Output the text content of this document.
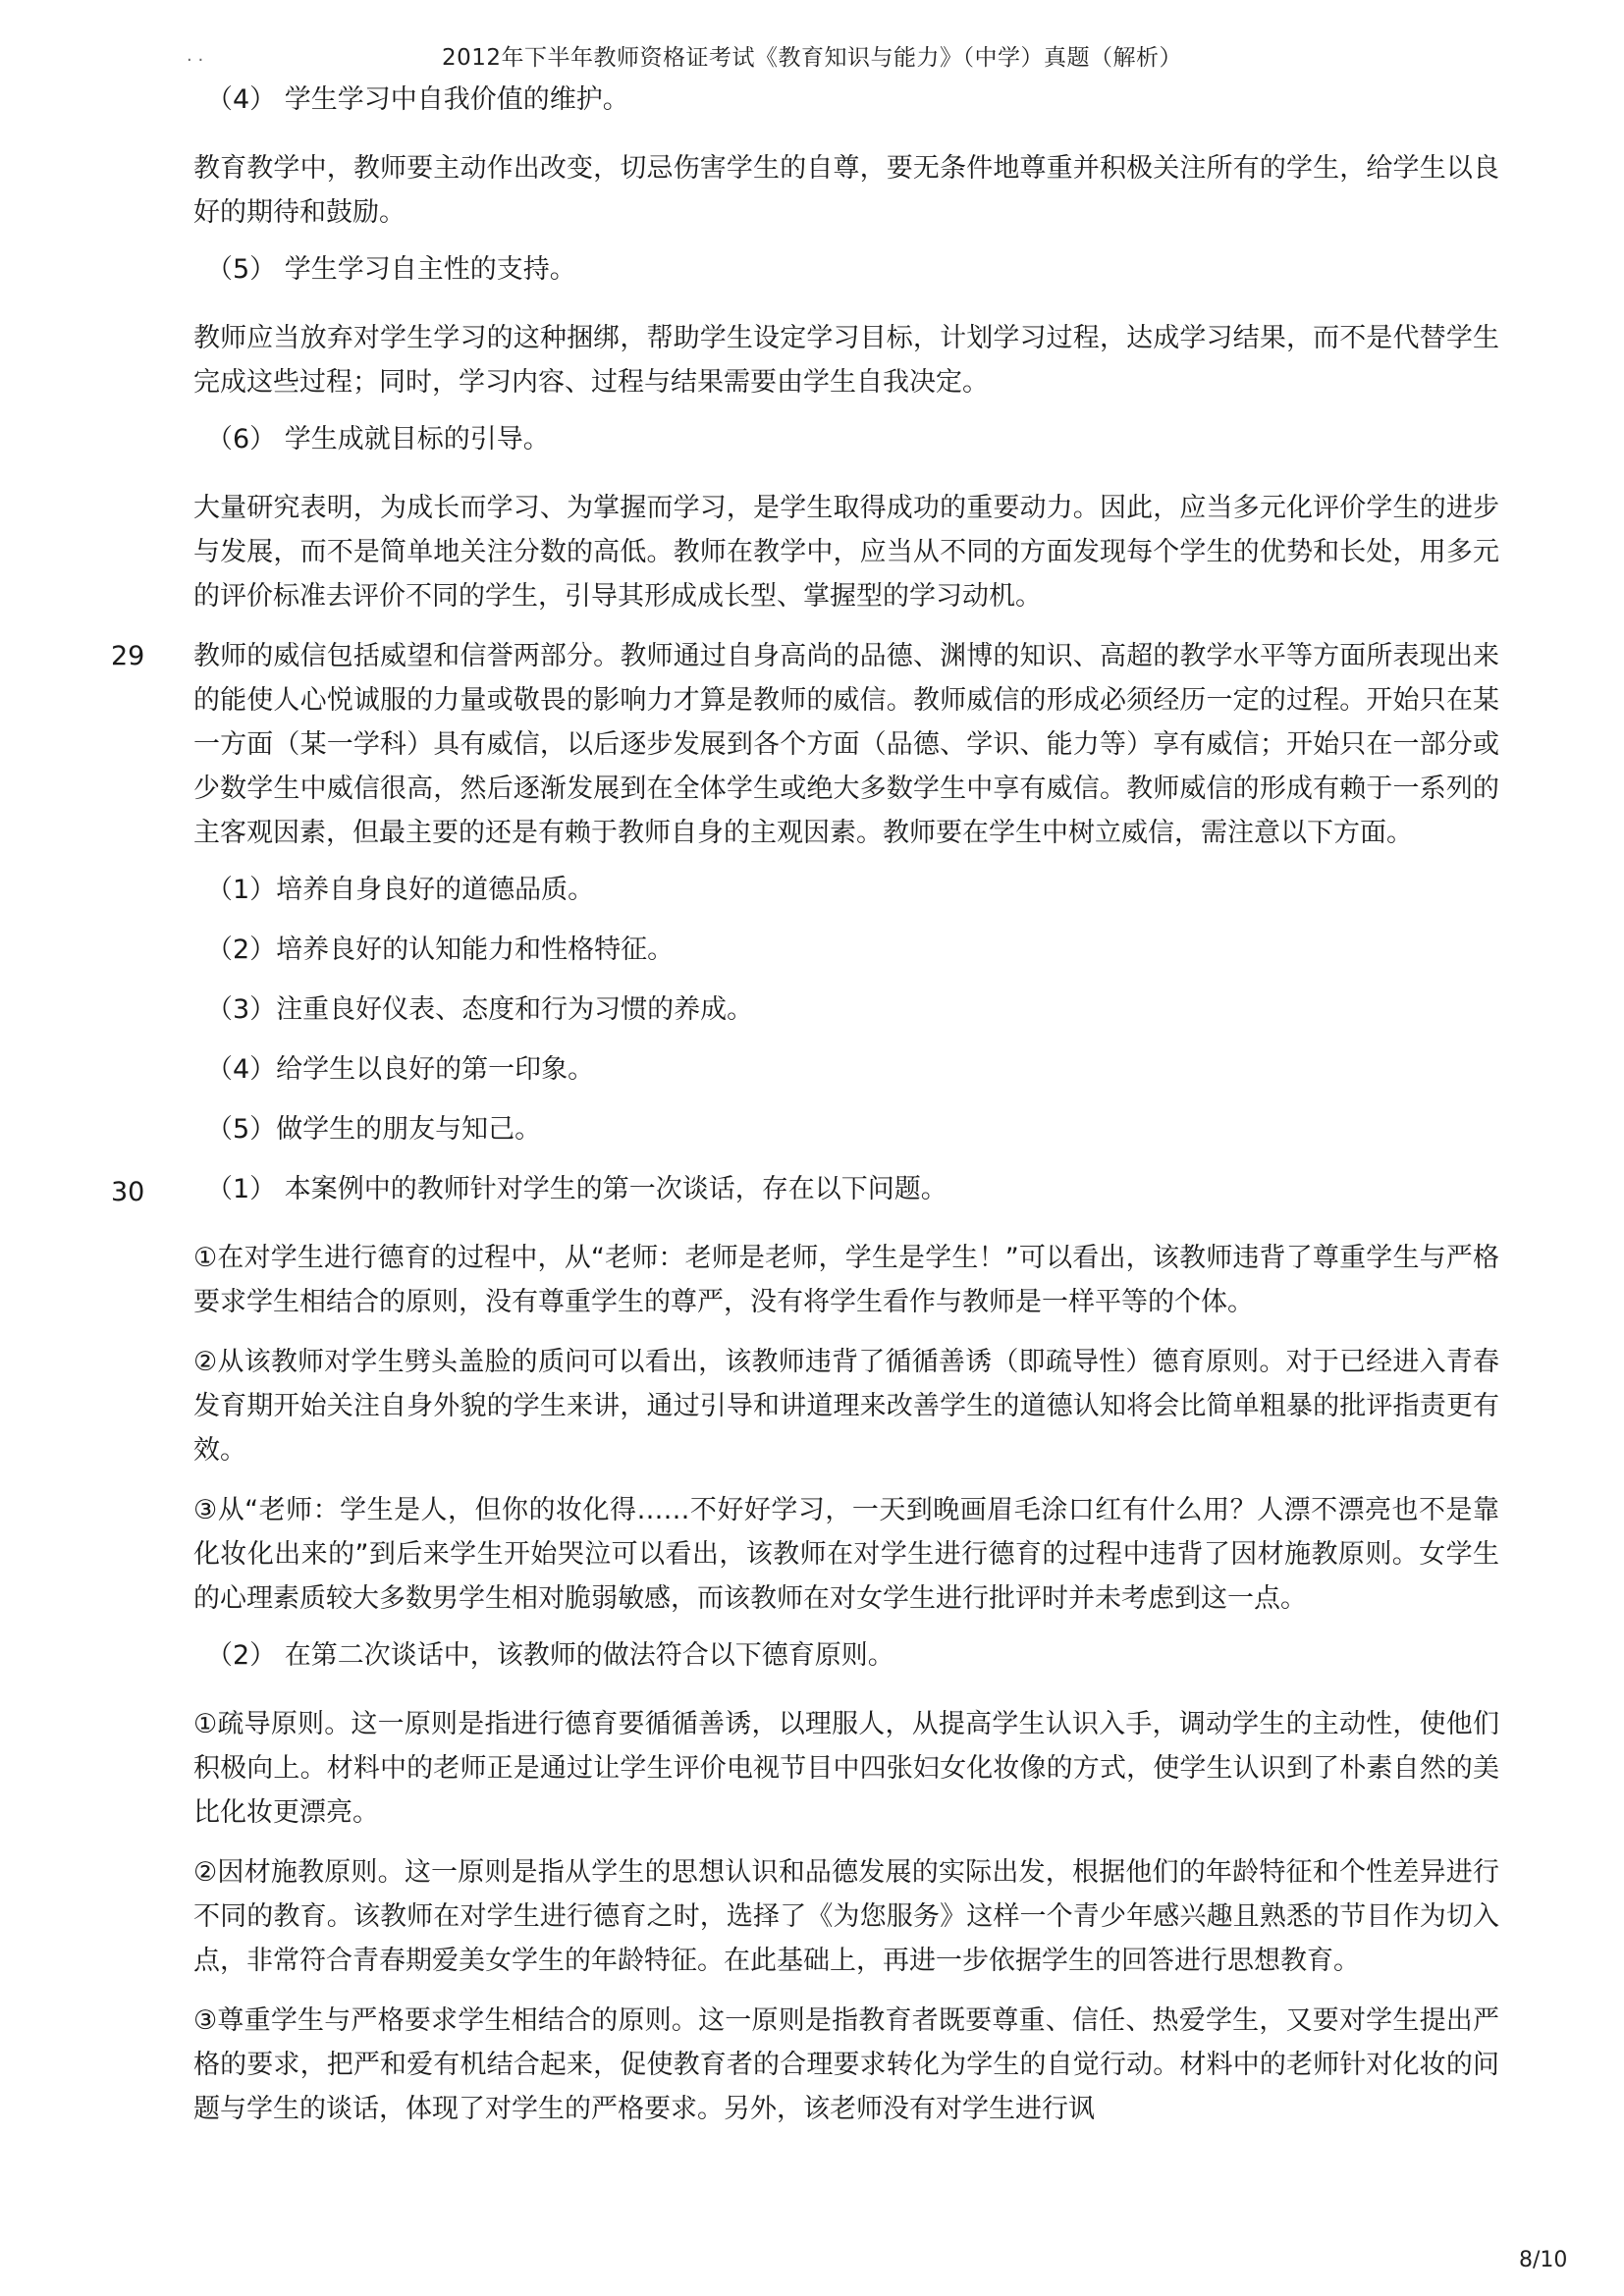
. .	2012年下半年教师资格证考试《教育知识与能力》（中学）真题（解析）
（4） 学生学习中自我价值的维护。
教育教学中，教师要主动作出改变，切忌伤害学生的自尊，要无条件地尊重并积极关注所有的学生，给学生以良好的期待和鼓励。
（5） 学生学习自主性的支持。
教师应当放弃对学生学习的这种捆绑，帮助学生设定学习目标，计划学习过程，达成学习结果，而不是代替学生完成这些过程；同时，学习内容、过程与结果需要由学生自我决定。
（6） 学生成就目标的引导。
大量研究表明，为成长而学习、为掌握而学习，是学生取得成功的重要动力。因此，应当多元化评价学生的进步与发展，而不是简单地关注分数的高低。教师在教学中，应当从不同的方面发现每个学生的优势和长处，用多元的评价标准去评价不同的学生，引导其形成成长型、掌握型的学习动机。
29 教师的威信包括威望和信誉两部分。教师通过自身高尚的品德、渊博的知识、高超的教学水平等方面所表现出来的能使人心悦诚服的力量或敬畏的影响力才算是教师的威信。教师威信的形成必须经历一定的过程。开始只在某一方面（某一学科）具有威信，以后逐步发展到各个方面（品德、学识、能力等）享有威信；开始只在一部分或少数学生中威信很高，然后逐渐发展到在全体学生或绝大多数学生中享有威信。教师威信的形成有赖于一系列的主客观因素，但最主要的还是有赖于教师自身的主观因素。教师要在学生中树立威信，需注意以下方面。
（1）培养自身良好的道德品质。
（2）培养良好的认知能力和性格特征。
（3）注重良好仪表、态度和行为习惯的养成。
（4）给学生以良好的第一印象。
（5）做学生的朋友与知己。
30 （1） 本案例中的教师针对学生的第一次谈话，存在以下问题。
①在对学生进行德育的过程中，从“老师：老师是老师，学生是学生！”可以看出，该教师违背了尊重学生与严格要求学生相结合的原则，没有尊重学生的尊严，没有将学生看作与教师是一样平等的个体。
②从该教师对学生劈头盖脸的质问可以看出，该教师违背了循循善诱（即疏导性）德育原则。对于已经进入青春发育期开始关注自身外貌的学生来讲，通过引导和讲道理来改善学生的道德认知将会比简单粗暴的批评指责更有效。
③从“老师：学生是人，但你的妆化得……不好好学习，一天到晚画眉毛涂口红有什么用？人漂不漂亮也不是靠化妆化出来的”到后来学生开始哭泣可以看出，该教师在对学生进行德育的过程中违背了因材施教原则。女学生的心理素质较大多数男学生相对脆弱敏感，而该教师在对女学生进行批评时并未考虑到这一点。
（2） 在第二次谈话中，该教师的做法符合以下德育原则。
①疏导原则。这一原则是指进行德育要循循善诱，以理服人，从提高学生认识入手，调动学生的主动性，使他们积极向上。材料中的老师正是通过让学生评价电视节目中四张妇女化妆像的方式，使学生认识到了朴素自然的美比化妆更漂亮。
②因材施教原则。这一原则是指从学生的思想认识和品德发展的实际出发，根据他们的年龄特征和个性差异进行不同的教育。该教师在对学生进行德育之时，选择了《为您服务》这样一个青少年感兴趣且熟悉的节目作为切入点，非常符合青春期爱美女学生的年龄特征。在此基础上，再进一步依据学生的回答进行思想教育。
③尊重学生与严格要求学生相结合的原则。这一原则是指教育者既要尊重、信任、热爱学生，又要对学生提出严格的要求，把严和爱有机结合起来，促使教育者的合理要求转化为学生的自觉行动。材料中的老师针对化妆的问题与学生的谈话，体现了对学生的严格要求。另外，该老师没有对学生进行讽
8/10
